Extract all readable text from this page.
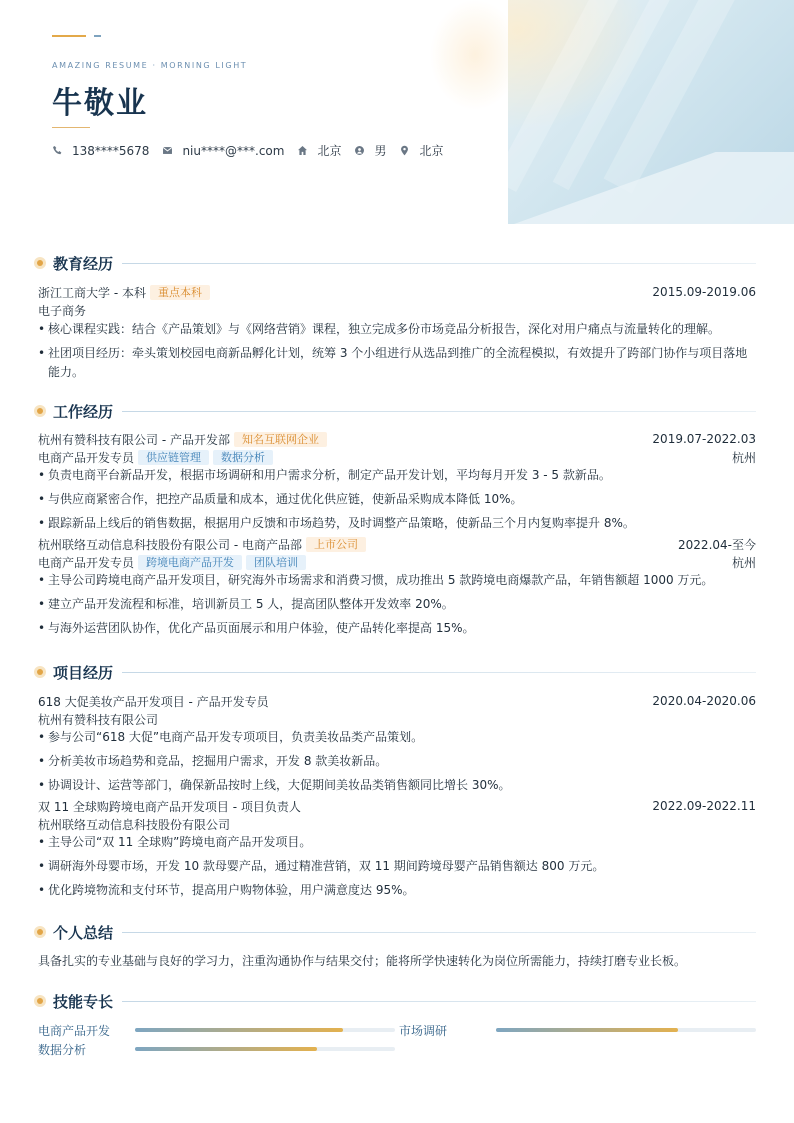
AMAZING RESUME · MORNING LIGHT
牛敬业
138****5678	niu****@***.com	北京	男	北京
教育经历
浙江工商大学 - 本科	重点本科	2015.09-2019.06
电子商务
• 核心课程实践：结合《产品策划》与《网络营销》课程，独立完成多份市场竞品分析报告，深化对用户痛点与流量转化的理解。
• 社团项目经历：牵头策划校园电商新品孵化计划，统筹 3 个小组进行从选品到推广的全流程模拟，有效提升了跨部门协作与项目落地能力。
工作经历
杭州有赞科技有限公司 - 产品开发部	知名互联网企业	2019.07-2022.03
电商产品开发专员	供应链管理	数据分析	杭州
• 负责电商平台新品开发，根据市场调研和用户需求分析，制定产品开发计划，平均每月开发 3 - 5 款新品。
• 与供应商紧密合作，把控产品质量和成本，通过优化供应链，使新品采购成本降低 10%。
• 跟踪新品上线后的销售数据，根据用户反馈和市场趋势，及时调整产品策略，使新品三个月内复购率提升 8%。
杭州联络互动信息科技股份有限公司 - 电商产品部	上市公司	2022.04-至今
电商产品开发专员	跨境电商产品开发	团队培训	杭州
• 主导公司跨境电商产品开发项目，研究海外市场需求和消费习惯，成功推出 5 款跨境电商爆款产品，年销售额超 1000 万元。
• 建立产品开发流程和标准，培训新员工 5 人，提高团队整体开发效率 20%。
• 与海外运营团队协作，优化产品页面展示和用户体验，使产品转化率提高 15%。
项目经历
618 大促美妆产品开发项目 - 产品开发专员	2020.04-2020.06
杭州有赞科技有限公司
• 参与公司“618 大促”电商产品开发专项项目，负责美妆品类产品策划。
• 分析美妆市场趋势和竞品，挖掘用户需求，开发 8 款美妆新品。
• 协调设计、运营等部门，确保新品按时上线，大促期间美妆品类销售额同比增长 30%。
双 11 全球购跨境电商产品开发项目 - 项目负责人	2022.09-2022.11
杭州联络互动信息科技股份有限公司
• 主导公司“双 11 全球购”跨境电商产品开发项目。
• 调研海外母婴市场，开发 10 款母婴产品，通过精准营销，双 11 期间跨境母婴产品销售额达 800 万元。
• 优化跨境物流和支付环节，提高用户购物体验，用户满意度达 95%。
个人总结
具备扎实的专业基础与良好的学习力，注重沟通协作与结果交付；能将所学快速转化为岗位所需能力，持续打磨专业长板。
技能专长
电商产品开发	市场调研
数据分析
